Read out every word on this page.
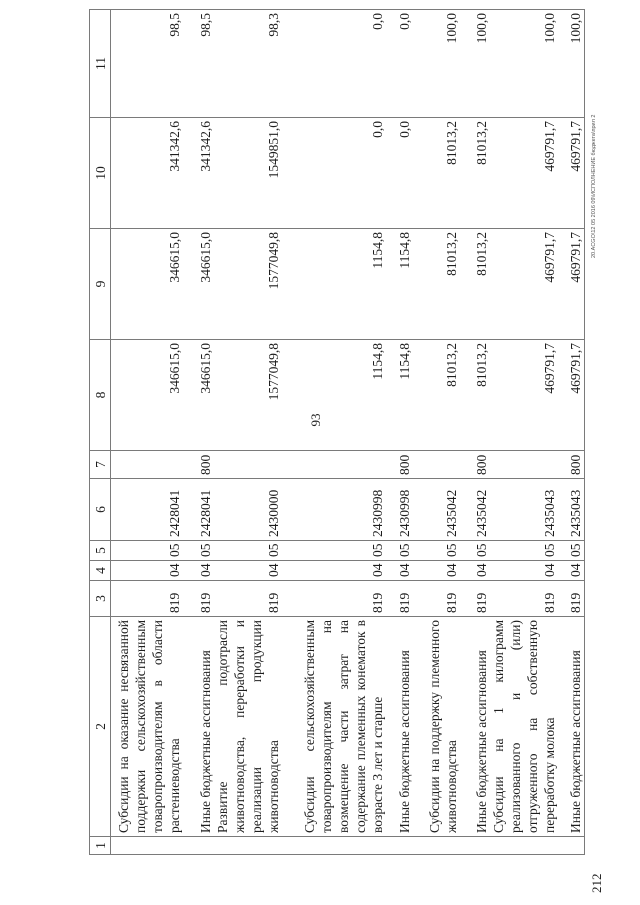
93
212
20.ACGO\12 05 2016 09\ИСПОЛНЕНИЕ бюджета\прил 2
1	2	3	4	5	6	7	8	9	10	11
	Субсидии на оказание несвязанной поддержки сельскохозяйственным товаропроизводителям в области растениеводства	819	04	05	2428041		346615,0	346615,0	341342,6	98,5
	Иные бюджетные ассигнования	819	04	05	2428041	800	346615,0	346615,0	341342,6	98,5
	Развитие подотрасли животноводства, переработки и реализации продукции животноводства	819	04	05	2430000		1577049,8	1577049,8	1549851,0	98,3
	Субсидии сельскохозяйственным товаропроизводителям на возмещение части затрат на содержание племенных конематок в возрасте 3 лет и старше	819	04	05	2430998		1154,8	1154,8	0,0	0,0
	Иные бюджетные ассигнования	819	04	05	2430998	800	1154,8	1154,8	0,0	0,0
	Субсидии на поддержку племенного животноводства	819	04	05	2435042		81013,2	81013,2	81013,2	100,0
	Иные бюджетные ассигнования	819	04	05	2435042	800	81013,2	81013,2	81013,2	100,0
	Субсидии на 1 килограмм реализованного и (или) отгруженного на собственную переработку молока	819	04	05	2435043		469791,7	469791,7	469791,7	100,0
	Иные бюджетные ассигнования	819	04	05	2435043	800	469791,7	469791,7	469791,7	100,0
